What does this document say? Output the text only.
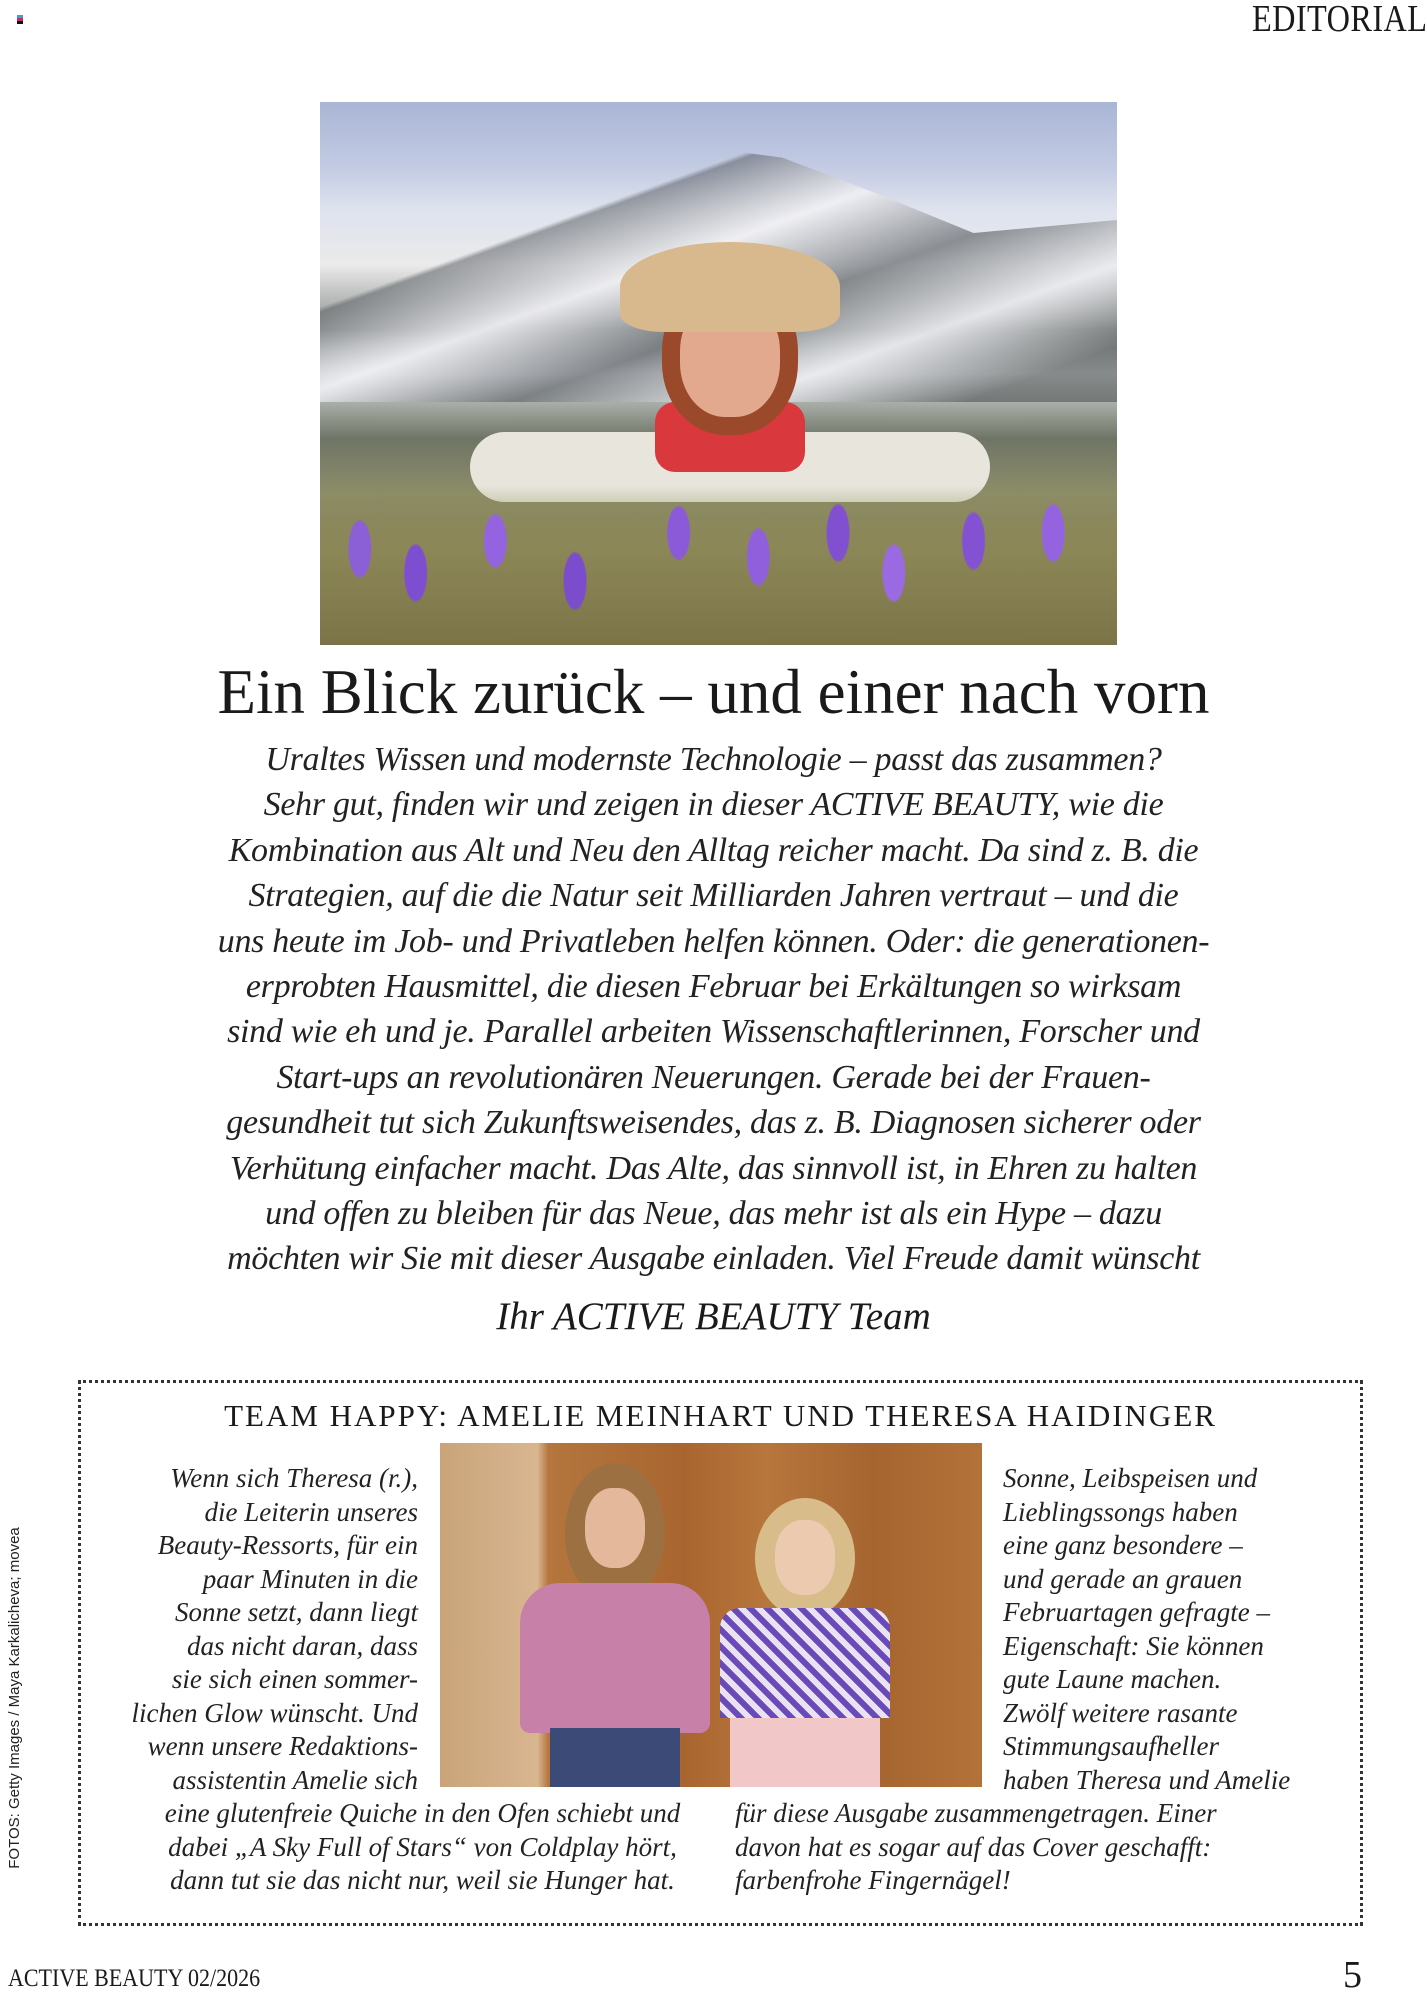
EDITORIAL
Ein Blick zurück – und einer nach vorn
Uraltes Wissen und modernste Technologie – passt das zusammen?
Sehr gut, finden wir und zeigen in dieser ACTIVE BEAUTY, wie die
Kombination aus Alt und Neu den Alltag reicher macht. Da sind z. B. die
Strategien, auf die die Natur seit Milliarden Jahren vertraut – und die
uns heute im Job- und Privatleben helfen können. Oder: die generationen-
erprobten Hausmittel, die diesen Februar bei Erkältungen so wirksam
sind wie eh und je. Parallel arbeiten Wissenschaftlerinnen, Forscher und
Start-ups an revolutionären Neuerungen. Gerade bei der Frauen-
gesundheit tut sich Zukunftsweisendes, das z. B. Diagnosen sicherer oder
Verhütung einfacher macht. Das Alte, das sinnvoll ist, in Ehren zu halten
und offen zu bleiben für das Neue, das mehr ist als ein Hype – dazu
möchten wir Sie mit dieser Ausgabe einladen. Viel Freude damit wünscht
Ihr ACTIVE BEAUTY Team
TEAM HAPPY: AMELIE MEINHART UND THERESA HAIDINGER
Wenn sich Theresa (r.),
die Leiterin unseres
Beauty-Ressorts, für ein
paar Minuten in die
Sonne setzt, dann liegt
das nicht daran, dass
sie sich einen sommer-
lichen Glow wünscht. Und
wenn unsere Redaktions-
assistentin Amelie sich
eine glutenfreie Quiche in den Ofen schiebt und
dabei „A Sky Full of Stars“ von Coldplay hört,
dann tut sie das nicht nur, weil sie Hunger hat.
Sonne, Leibspeisen und
Lieblingssongs haben
eine ganz besondere –
und gerade an grauen
Februartagen gefragte –
Eigenschaft: Sie können
gute Laune machen.
Zwölf weitere rasante
Stimmungsaufheller
haben Theresa und Amelie
für diese Ausgabe zusammengetragen. Einer
davon hat es sogar auf das Cover geschafft:
farbenfrohe Fingernägel!
FOTOS: Getty Images / Maya Karkalicheva; movea
ACTIVE BEAUTY 02/2026	5
